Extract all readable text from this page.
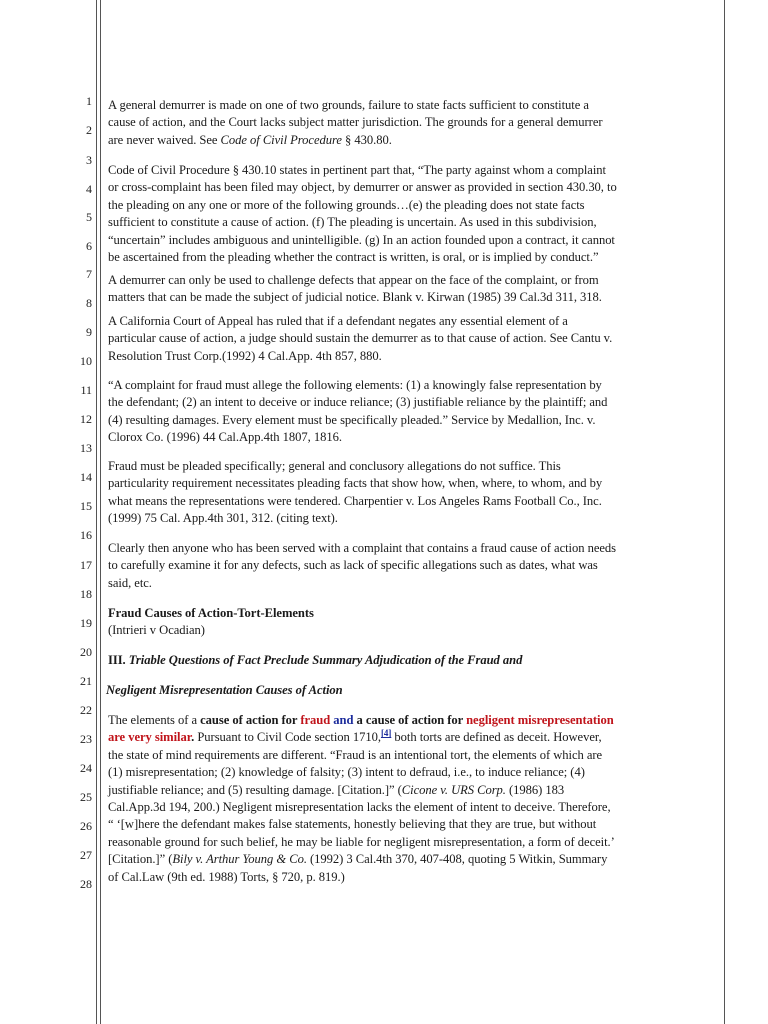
1
2
3
4
5
6
7
8
9
10
11
12
13
14
15
16
17
18
19
20
21
22
23
24
25
26
27
28
A general demurrer is made on one of two grounds, failure to state facts sufficient to constitute a
cause of action, and the Court lacks subject matter jurisdiction. The grounds for a general demurrer
are never waived. See Code of Civil Procedure § 430.80.
Code of Civil Procedure § 430.10 states in pertinent part that, “The party against whom a complaint
or cross-complaint has been filed may object, by demurrer or answer as provided in section 430.30, to
the pleading on any one or more of the following grounds…(e) the pleading does not state facts
sufficient to constitute a cause of action. (f) The pleading is uncertain. As used in this subdivision,
“uncertain” includes ambiguous and unintelligible. (g) In an action founded upon a contract, it cannot
be ascertained from the pleading whether the contract is written, is oral, or is implied by conduct.”
A demurrer can only be used to challenge defects that appear on the face of the complaint, or from
matters that can be made the subject of judicial notice. Blank v. Kirwan (1985) 39 Cal.3d 311, 318.
A California Court of Appeal has ruled that if a defendant negates any essential element of a
particular cause of action, a judge should sustain the demurrer as to that cause of action. See Cantu v.
Resolution Trust Corp.(1992) 4 Cal.App. 4th 857, 880.
“A complaint for fraud must allege the following elements: (1) a knowingly false representation by
the defendant; (2) an intent to deceive or induce reliance; (3) justifiable reliance by the plaintiff; and
(4) resulting damages. Every element must be specifically pleaded.” Service by Medallion, Inc. v.
Clorox Co. (1996) 44 Cal.App.4th 1807, 1816.
Fraud must be pleaded specifically; general and conclusory allegations do not suffice. This
particularity requirement necessitates pleading facts that show how, when, where, to whom, and by
what means the representations were tendered. Charpentier v. Los Angeles Rams Football Co., Inc.
(1999) 75 Cal. App.4th 301, 312. (citing text).
Clearly then anyone who has been served with a complaint that contains a fraud cause of action needs
to carefully examine it for any defects, such as lack of specific allegations such as dates, what was
said, etc.
Fraud Causes of Action-Tort-Elements
(Intrieri v Ocadian)
III. Triable Questions of Fact Preclude Summary Adjudication of the Fraud and
Negligent Misrepresentation Causes of Action
The elements of a cause of action for fraud and a cause of action for negligent misrepresentation
are very similar. Pursuant to Civil Code section 1710,[4] both torts are defined as deceit. However,
the state of mind requirements are different. “Fraud is an intentional tort, the elements of which are
(1) misrepresentation; (2) knowledge of falsity; (3) intent to defraud, i.e., to induce reliance; (4)
justifiable reliance; and (5) resulting damage. [Citation.]” (Cicone v. URS Corp. (1986) 183
Cal.App.3d 194, 200.) Negligent misrepresentation lacks the element of intent to deceive. Therefore,
“ ‘[w]here the defendant makes false statements, honestly believing that they are true, but without
reasonable ground for such belief, he may be liable for negligent misrepresentation, a form of deceit.’
[Citation.]” (Bily v. Arthur Young & Co. (1992) 3 Cal.4th 370, 407-408, quoting 5 Witkin, Summary
of Cal.Law (9th ed. 1988) Torts, § 720, p. 819.)
